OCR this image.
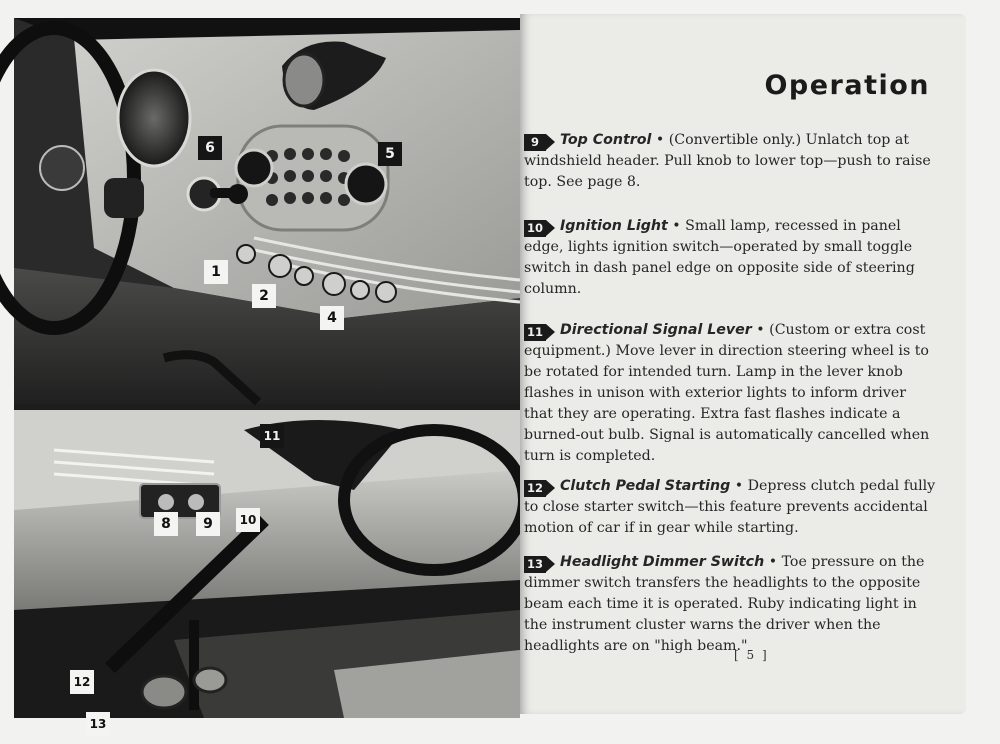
1
2
4
5
6
8	9	10
11
12
13
Operation

9 Top Control • (Convertible only.) Unlatch top at windshield header. Pull knob to lower top—push to raise top. See page 8.

10 Ignition Light • Small lamp, recessed in panel edge, lights ignition switch—operated by small toggle switch in dash panel edge on opposite side of steering column.

11 Directional Signal Lever • (Custom or extra cost equipment.) Move lever in direction steering wheel is to be rotated for intended turn. Lamp in the lever knob flashes in unison with exterior lights to inform driver that they are operating. Extra fast flashes indicate a burned-out bulb. Signal is automatically cancelled when turn is completed.

12 Clutch Pedal Starting • Depress clutch pedal fully to close starter switch—this feature prevents accidental motion of car if in gear while starting.

13 Headlight Dimmer Switch • Toe pressure on the dimmer switch transfers the headlights to the opposite beam each time it is operated. Ruby indicating light in the instrument cluster warns the driver when the headlights are on "high beam."

[ 5 ]
